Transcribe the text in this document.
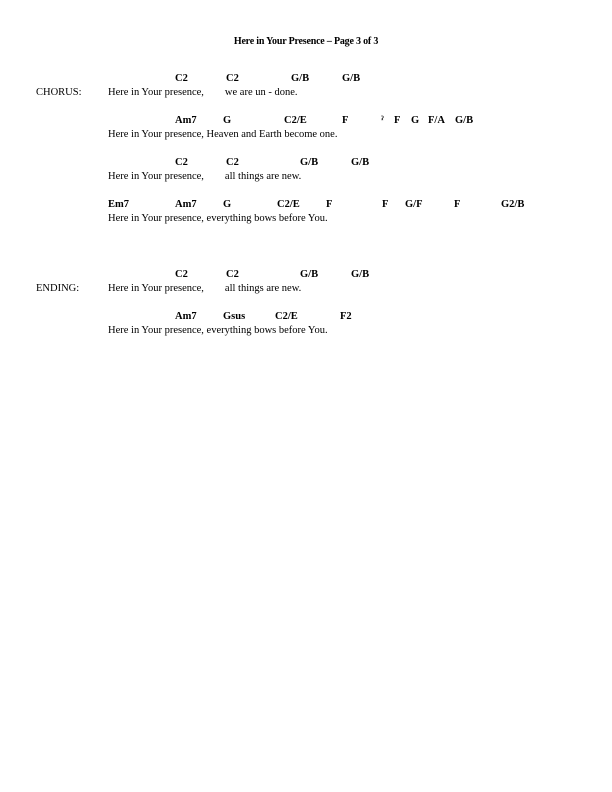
Here in Your Presence – Page 3 of 3
CHORUS:
C2	C2	G/B	G/B
Here in Your presence,        we are un - done.
Am7	G	C2/E	F	ˀ F G F/A G/B
Here in Your presence, Heaven and Earth become one.
C2	C2	G/B	G/B
Here in Your presence,        all things are new.
Em7	Am7	G	C2/E F	F G/F	F	G2/B
Here in Your presence, everything bows before You.
ENDING:
C2	C2	G/B	G/B
Here in Your presence,        all things are new.
Am7	Gsus	C2/E	F2
Here in Your presence, everything bows before You.
